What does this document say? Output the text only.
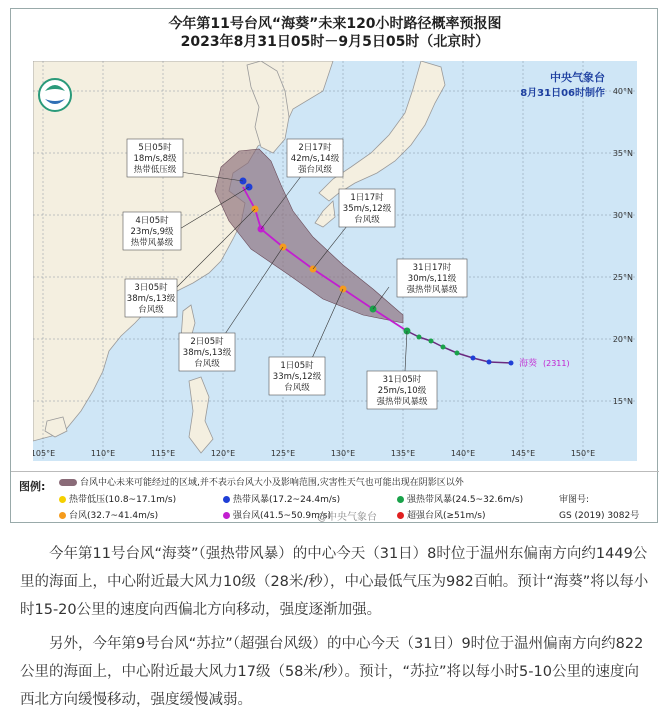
今年第11号台风“海葵”未来120小时路径概率预报图
2023年8月31日05时－9月5日05时（北京时）
105°E	110°E	115°E	120°E	125°E	130°E	135°E	140°E	145°E	150°E
15°N
20°N
25°N
30°N
35°N
40°N
中央气象台
8月31日06时制作
海葵 (2311)
5日05时
18m/s,8级
热带低压级
4日05时
23m/s,9级
热带风暴级
3日05时
38m/s,13级
台风级
2日17时
42m/s,14级
强台风级
1日17时
35m/s,12级
台风级
2日05时
38m/s,13级
台风级	1日05时
33m/s,12级
台风级
31日17时
30m/s,11级
强热带风暴级
31日05时
25m/s,10级
强热带风暴级
图例:	台风中心未来可能经过的区域,并不表示台风大小及影响范围,灾害性天气也可能出现在阴影区以外
热带低压(10.8~17.1m/s)	热带风暴(17.2~24.4m/s)	强热带风暴(24.5~32.6m/s)
台风(32.7~41.4m/s)	强台风(41.5~50.9m/s)	超强台风(≥51m/s)
@中央气象台
审图号:
GS (2019) 3082号

今年第11号台风“海葵”（强热带风暴）的中心今天（31日）8时位于温州东偏南方向约1449公里的海面上，中心附近最大风力10级（28米/秒），中心最低气压为982百帕。预计“海葵”将以每小时15-20公里的速度向西偏北方向移动，强度逐渐加强。

另外，今年第9号台风“苏拉”（超强台风级）的中心今天（31日）9时位于温州偏南方向约822公里的海面上，中心附近最大风力17级（58米/秒）。预计，“苏拉”将以每小时5-10公里的速度向西北方向缓慢移动，强度缓慢减弱。
